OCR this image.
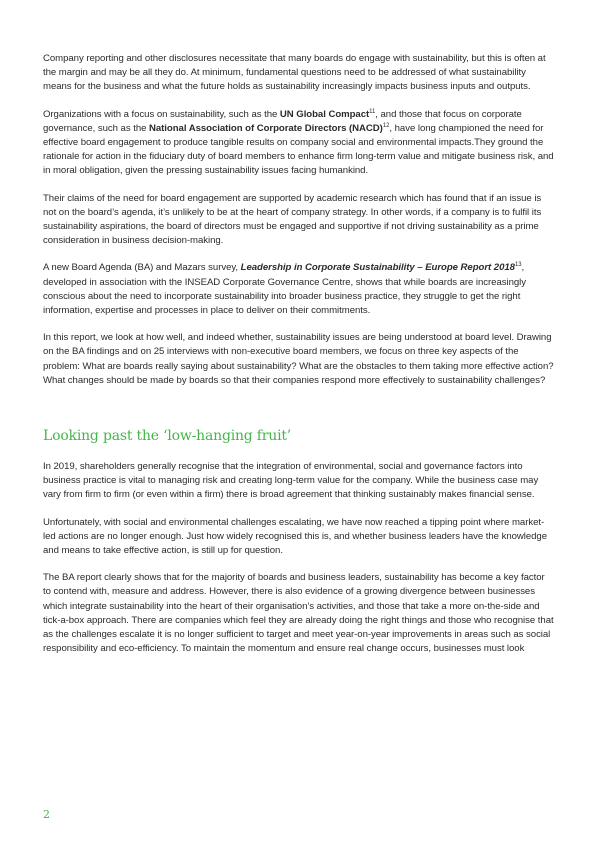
Company reporting and other disclosures necessitate that many boards do engage with sustainability, but this is often at the margin and may be all they do. At minimum, fundamental questions need to be addressed of what sustainability means for the business and what the future holds as sustainability increasingly impacts business inputs and outputs.

Organizations with a focus on sustainability, such as the UN Global Compact$^{11}$, and those that focus on corporate governance, such as the National Association of Corporate Directors (NACD)$^{12}$, have long championed the need for effective board engagement to produce tangible results on company social and environmental impacts.They ground the rationale for action in the fiduciary duty of board members to enhance firm long-term value and mitigate business risk, and in moral obligation, given the pressing sustainability issues facing humankind.

Their claims of the need for board engagement are supported by academic research which has found that if an issue is not on the board’s agenda, it’s unlikely to be at the heart of company strategy. In other words, if a company is to fulfil its sustainability aspirations, the board of directors must be engaged and supportive if not driving sustainability as a prime consideration in business decision-making.

A new Board Agenda (BA) and Mazars survey, Leadership in Corporate Sustainability – Europe Report 2018$^{13}$, developed in association with the INSEAD Corporate Governance Centre, shows that while boards are increasingly conscious about the need to incorporate sustainability into broader business practice, they struggle to get the right information, expertise and processes in place to deliver on their commitments.

In this report, we look at how well, and indeed whether, sustainability issues are being understood at board level. Drawing on the BA findings and on 25 interviews with non-executive board members, we focus on three key aspects of the problem: What are boards really saying about sustainability? What are the obstacles to them taking more effective action? What changes should be made by boards so that their companies respond more effectively to sustainability challenges?

Looking past the ‘low-hanging fruit’

In 2019, shareholders generally recognise that the integration of environmental, social and governance factors into business practice is vital to managing risk and creating long-term value for the company. While the business case may vary from firm to firm (or even within a firm) there is broad agreement that thinking sustainably makes financial sense.

Unfortunately, with social and environmental challenges escalating, we have now reached a tipping point where market-led actions are no longer enough. Just how widely recognised this is, and whether business leaders have the knowledge and means to take effective action, is still up for question.

The BA report clearly shows that for the majority of boards and business leaders, sustainability has become a key factor to contend with, measure and address. However, there is also evidence of a growing divergence between businesses which integrate sustainability into the heart of their organisation’s activities, and those that take a more on-the-side and tick-a-box approach. There are companies which feel they are already doing the right things and those who recognise that as the challenges escalate it is no longer sufficient to target and meet year-on-year improvements in areas such as social responsibility and eco-efficiency. To maintain the momentum and ensure real change occurs, businesses must look

2
